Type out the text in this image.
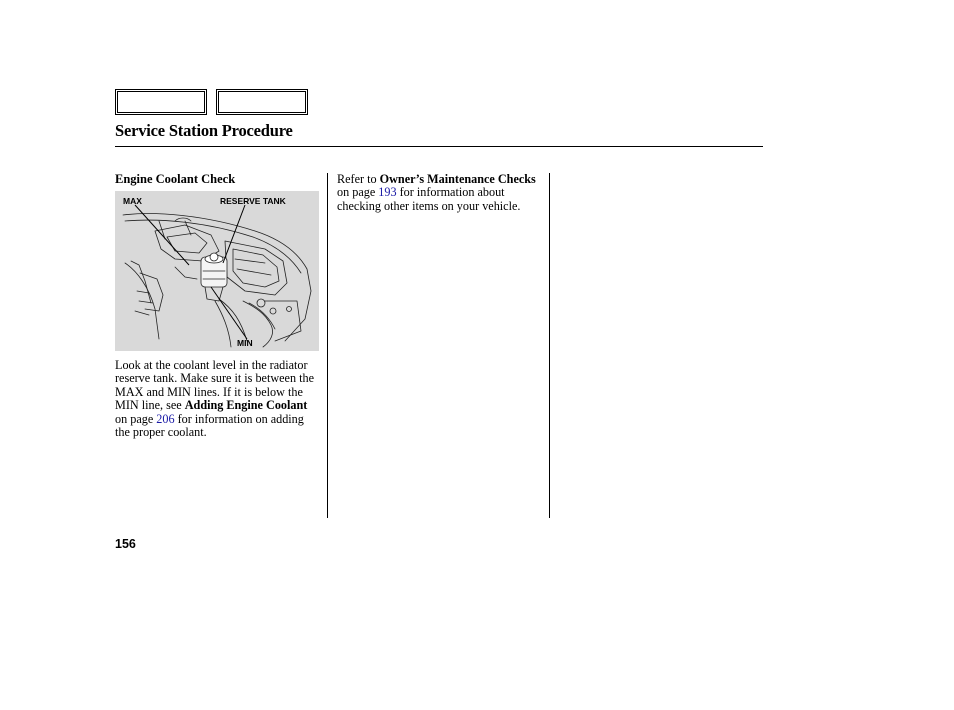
Service Station Procedure
Engine Coolant Check
MAX	RESERVE TANK
MIN

Look at the coolant level in the radiator reserve tank. Make sure it is between the MAX and MIN lines. If it is below the MIN line, see Adding Engine Coolant on page 206 for information on adding the proper coolant.

Refer to Owner’s Maintenance Checks on page 193 for information about checking other items on your vehicle.

156
